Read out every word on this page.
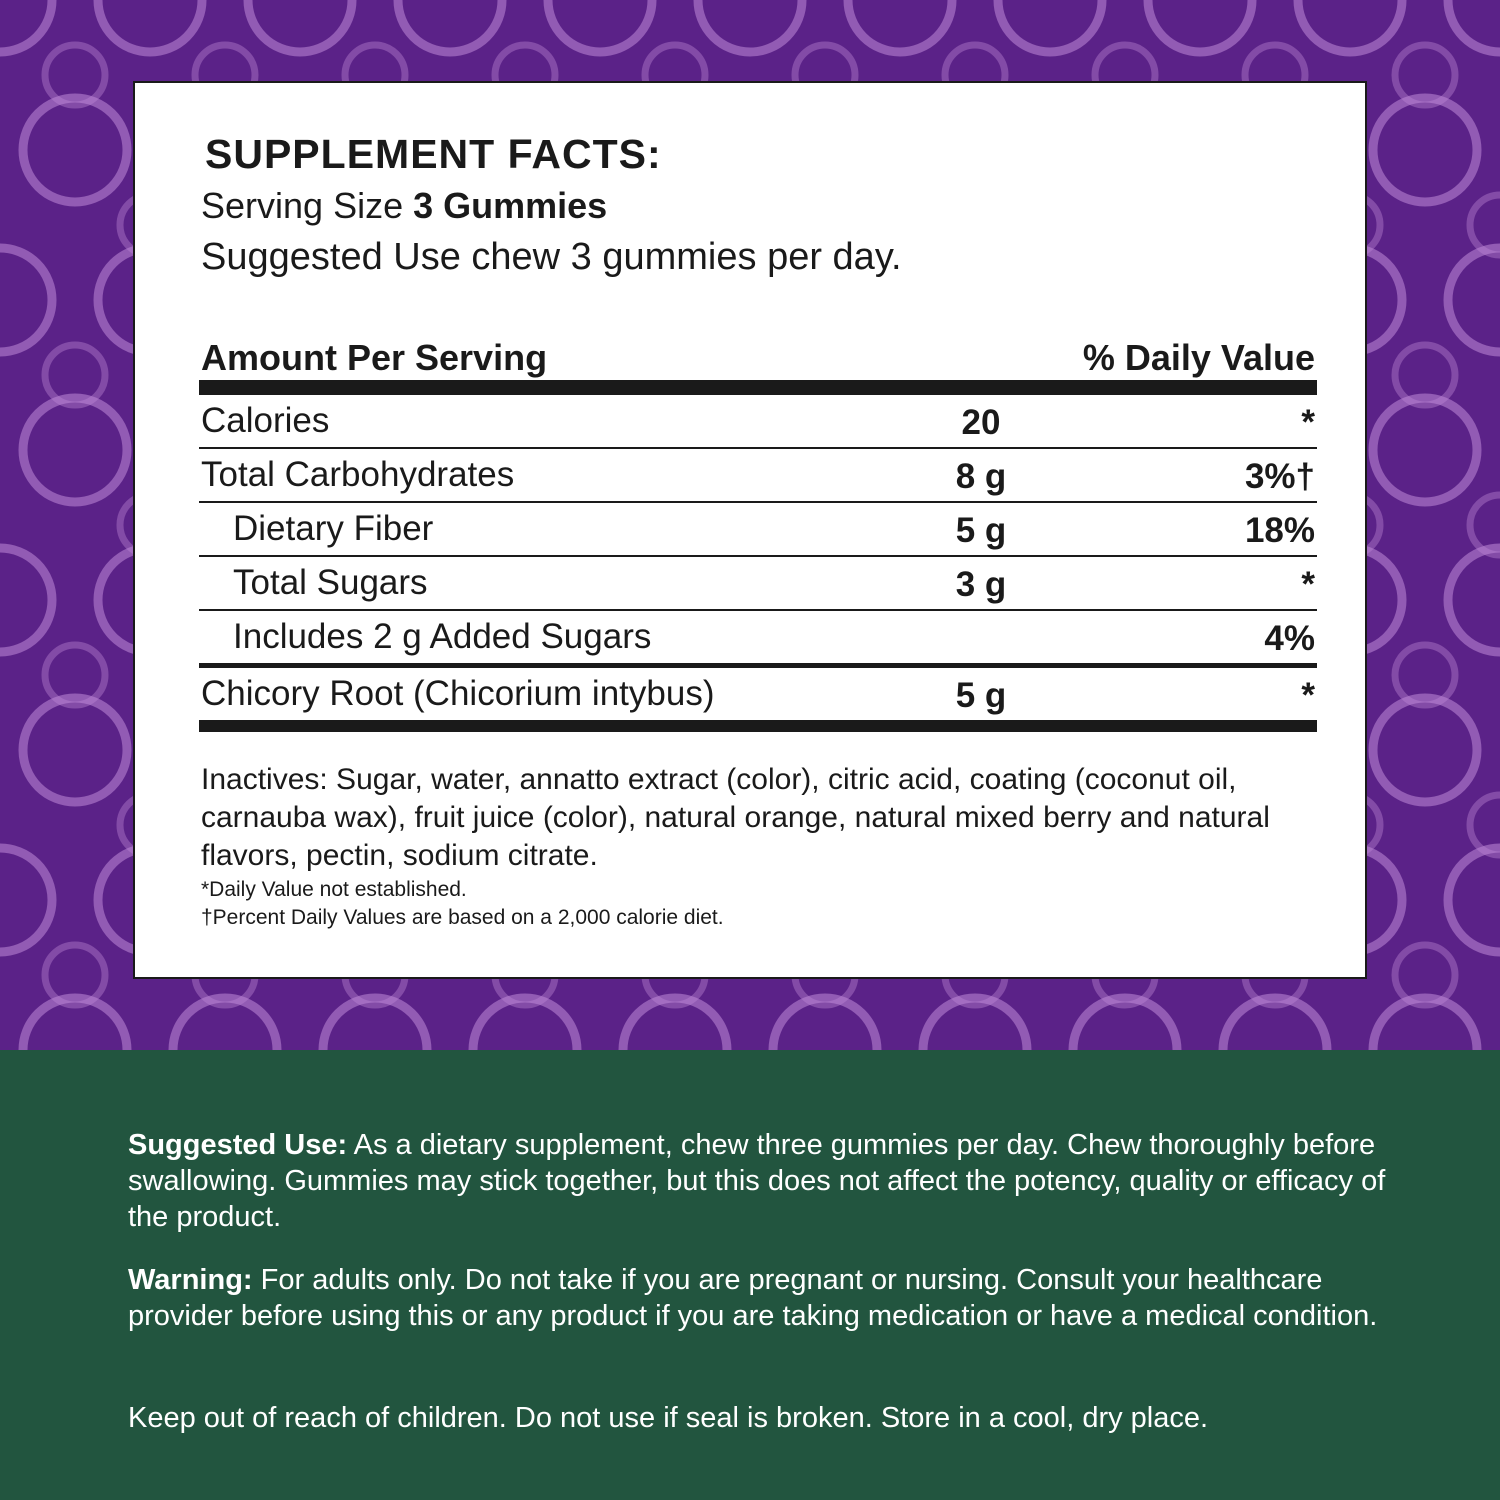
SUPPLEMENT FACTS:
Serving Size 3 Gummies
Suggested Use chew 3 gummies per day.
Amount Per Serving	% Daily Value
Calories	20	*
Total Carbohydrates	8 g	3%†
Dietary Fiber	5 g	18%
Total Sugars	3 g	*
Includes 2 g Added Sugars	4%
Chicory Root (Chicorium intybus)	5 g	*
Inactives: Sugar, water, annatto extract (color), citric acid, coating (coconut oil, carnauba wax), fruit juice (color), natural orange, natural mixed berry and natural flavors, pectin, sodium citrate.
*Daily Value not established.
†Percent Daily Values are based on a 2,000 calorie diet.
Suggested Use: As a dietary supplement, chew three gummies per day. Chew thoroughly before swallowing. Gummies may stick together, but this does not affect the potency, quality or efficacy of the product.
Warning: For adults only. Do not take if you are pregnant or nursing. Consult your healthcare provider before using this or any product if you are taking medication or have a medical condition.
Keep out of reach of children. Do not use if seal is broken. Store in a cool, dry place.
